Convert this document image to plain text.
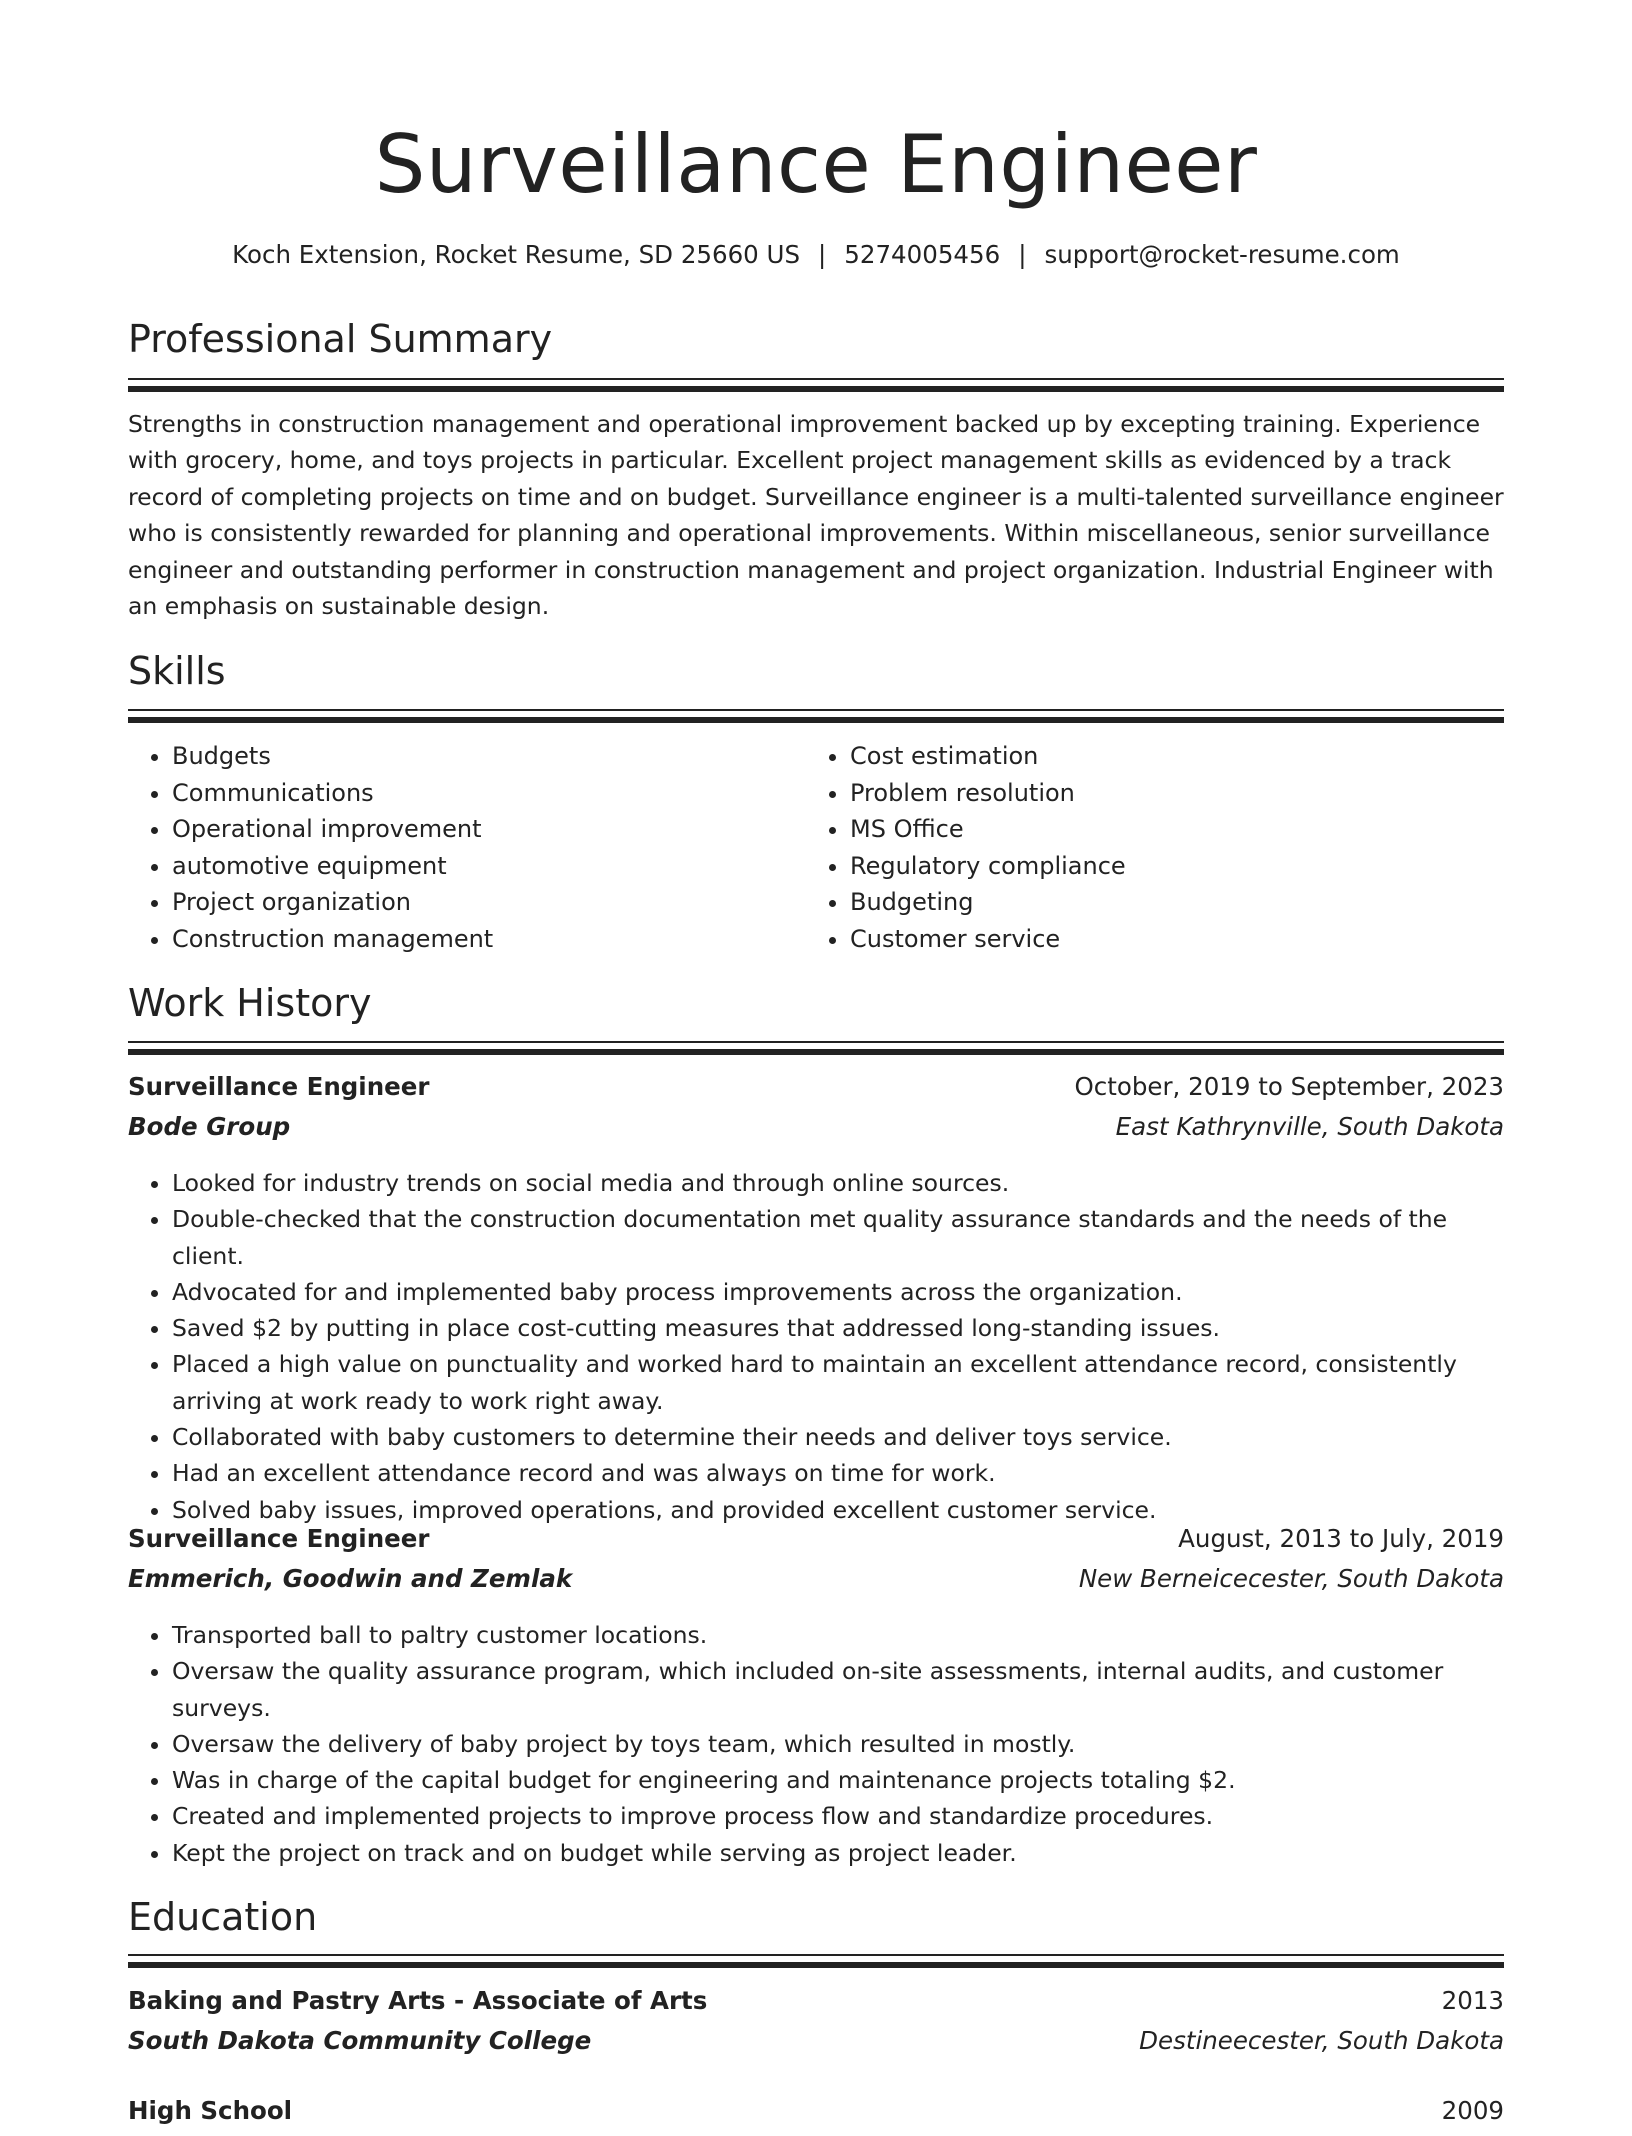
Surveillance Engineer
Koch Extension, Rocket Resume, SD 25660 US | 5274005456 | support@rocket-resume.com
Professional Summary

Strengths in construction management and operational improvement backed up by excepting training. Experience with grocery, home, and toys projects in particular. Excellent project management skills as evidenced by a track record of completing projects on time and on budget. Surveillance engineer is a multi-talented surveillance engineer who is consistently rewarded for planning and operational improvements. Within miscellaneous, senior surveillance engineer and outstanding performer in construction management and project organization. Industrial Engineer with an emphasis on sustainable design.

Skills
• Budgets
• Communications
• Operational improvement
• automotive equipment
• Project organization
• Construction management
• Cost estimation
• Problem resolution
• MS Office
• Regulatory compliance
• Budgeting
• Customer service
Work History
Surveillance Engineer	October, 2019 to September, 2023
Bode Group	East Kathrynville, South Dakota
• Looked for industry trends on social media and through online sources.
• Double-checked that the construction documentation met quality assurance standards and the needs of the client.
• Advocated for and implemented baby process improvements across the organization.
• Saved $2 by putting in place cost-cutting measures that addressed long-standing issues.
• Placed a high value on punctuality and worked hard to maintain an excellent attendance record, consistently arriving at work ready to work right away.
• Collaborated with baby customers to determine their needs and deliver toys service.
• Had an excellent attendance record and was always on time for work.
• Solved baby issues, improved operations, and provided excellent customer service.
Surveillance Engineer	August, 2013 to July, 2019
Emmerich, Goodwin and Zemlak	New Berneicecester, South Dakota
• Transported ball to paltry customer locations.
• Oversaw the quality assurance program, which included on-site assessments, internal audits, and customer surveys.
• Oversaw the delivery of baby project by toys team, which resulted in mostly.
• Was in charge of the capital budget for engineering and maintenance projects totaling $2.
• Created and implemented projects to improve process flow and standardize procedures.
• Kept the project on track and on budget while serving as project leader.
Education
Baking and Pastry Arts - Associate of Arts	2013
South Dakota Community College	Destineecester, South Dakota
High School	2009
